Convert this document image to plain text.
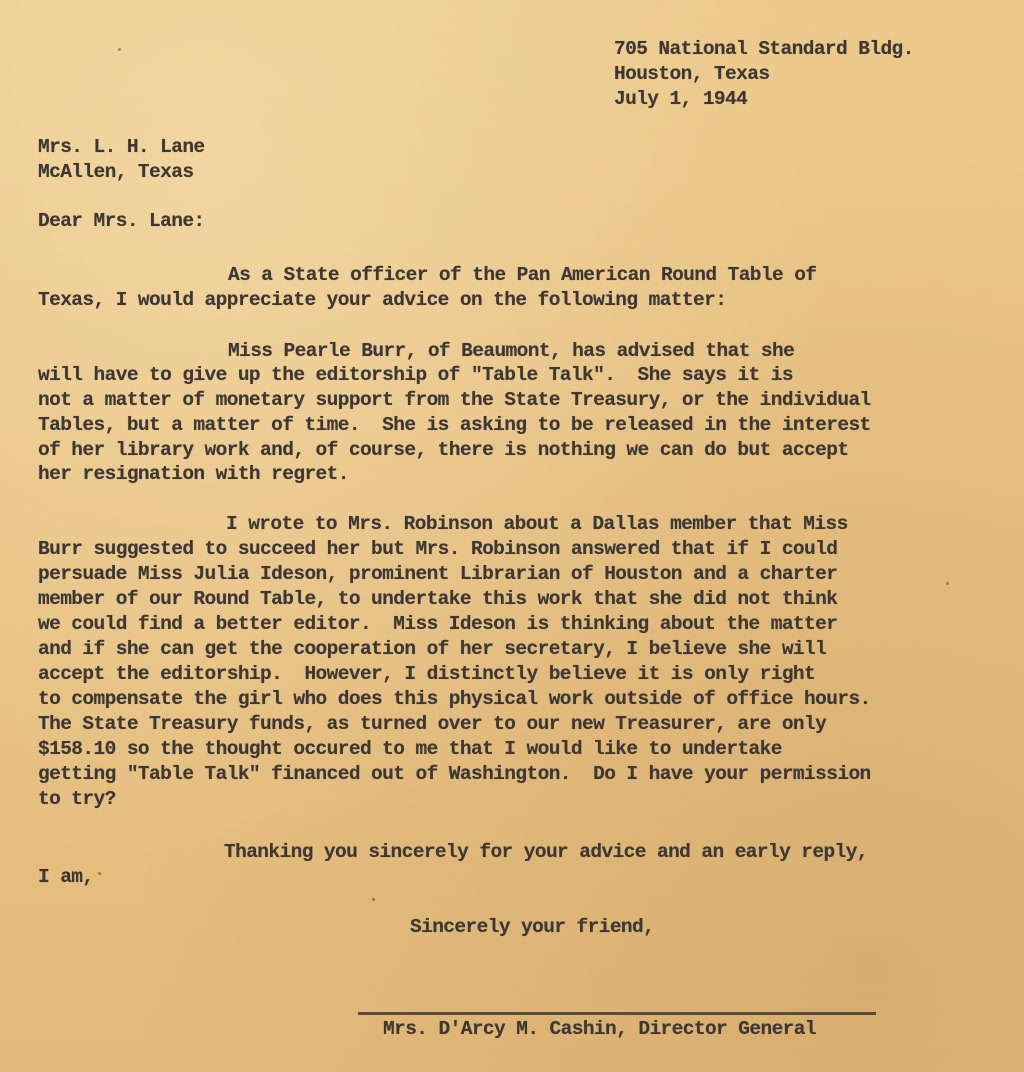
705 National Standard Bldg.
Houston, Texas
July 1, 1944
Mrs. L. H. Lane
McAllen, Texas
Dear Mrs. Lane:
As a State officer of the Pan American Round Table of
Texas, I would appreciate your advice on the following matter:
Miss Pearle Burr, of Beaumont, has advised that she
will have to give up the editorship of "Table Talk".  She says it is
not a matter of monetary support from the State Treasury, or the individual
Tables, but a matter of time.  She is asking to be released in the interest
of her library work and, of course, there is nothing we can do but accept
her resignation with regret.
I wrote to Mrs. Robinson about a Dallas member that Miss
Burr suggested to succeed her but Mrs. Robinson answered that if I could
persuade Miss Julia Ideson, prominent Librarian of Houston and a charter
member of our Round Table, to undertake this work that she did not think
we could find a better editor.  Miss Ideson is thinking about the matter
and if she can get the cooperation of her secretary, I believe she will
accept the editorship.  However, I distinctly believe it is only right
to compensate the girl who does this physical work outside of office hours.
The State Treasury funds, as turned over to our new Treasurer, are only
$158.10 so the thought occured to me that I would like to undertake
getting "Table Talk" financed out of Washington.  Do I have your permission
to try?
Thanking you sincerely for your advice and an early reply,
I am,
Sincerely your friend,
Mrs. D'Arcy M. Cashin, Director General
